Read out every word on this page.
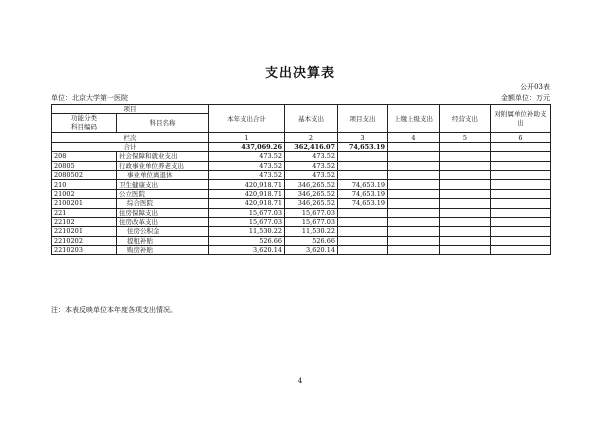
支出决算表
公开03表
单位：北京大学第一医院	金额单位：万元
项目		本年支出合计	基本支出	项目支出	上缴上级支出	经营支出	对附属单位补助支出
功能分类
科目编码	科目名称						

栏次		1	2	3	4	5	6
合计		437,069.26	362,416.07	74,653.19			
208	社会保障和就业支出	473.52	473.52				
20805	行政事业单位养老支出	473.52	473.52				
2080502	事业单位离退休	473.52	473.52				
210	卫生健康支出	420,918.71	346,265.52	74,653.19			
21002	公立医院	420,918.71	346,265.52	74,653.19			
2100201	综合医院	420,918.71	346,265.52	74,653.19			
221	住房保障支出	15,677.03	15,677.03				
22102	住房改革支出	15,677.03	15,677.03				
2210201	住房公积金	11,530.22	11,530.22				
2210202	提租补贴	526.66	526.66				
2210203	购房补贴	3,620.14	3,620.14				
注：本表反映单位本年度各项支出情况。
4
